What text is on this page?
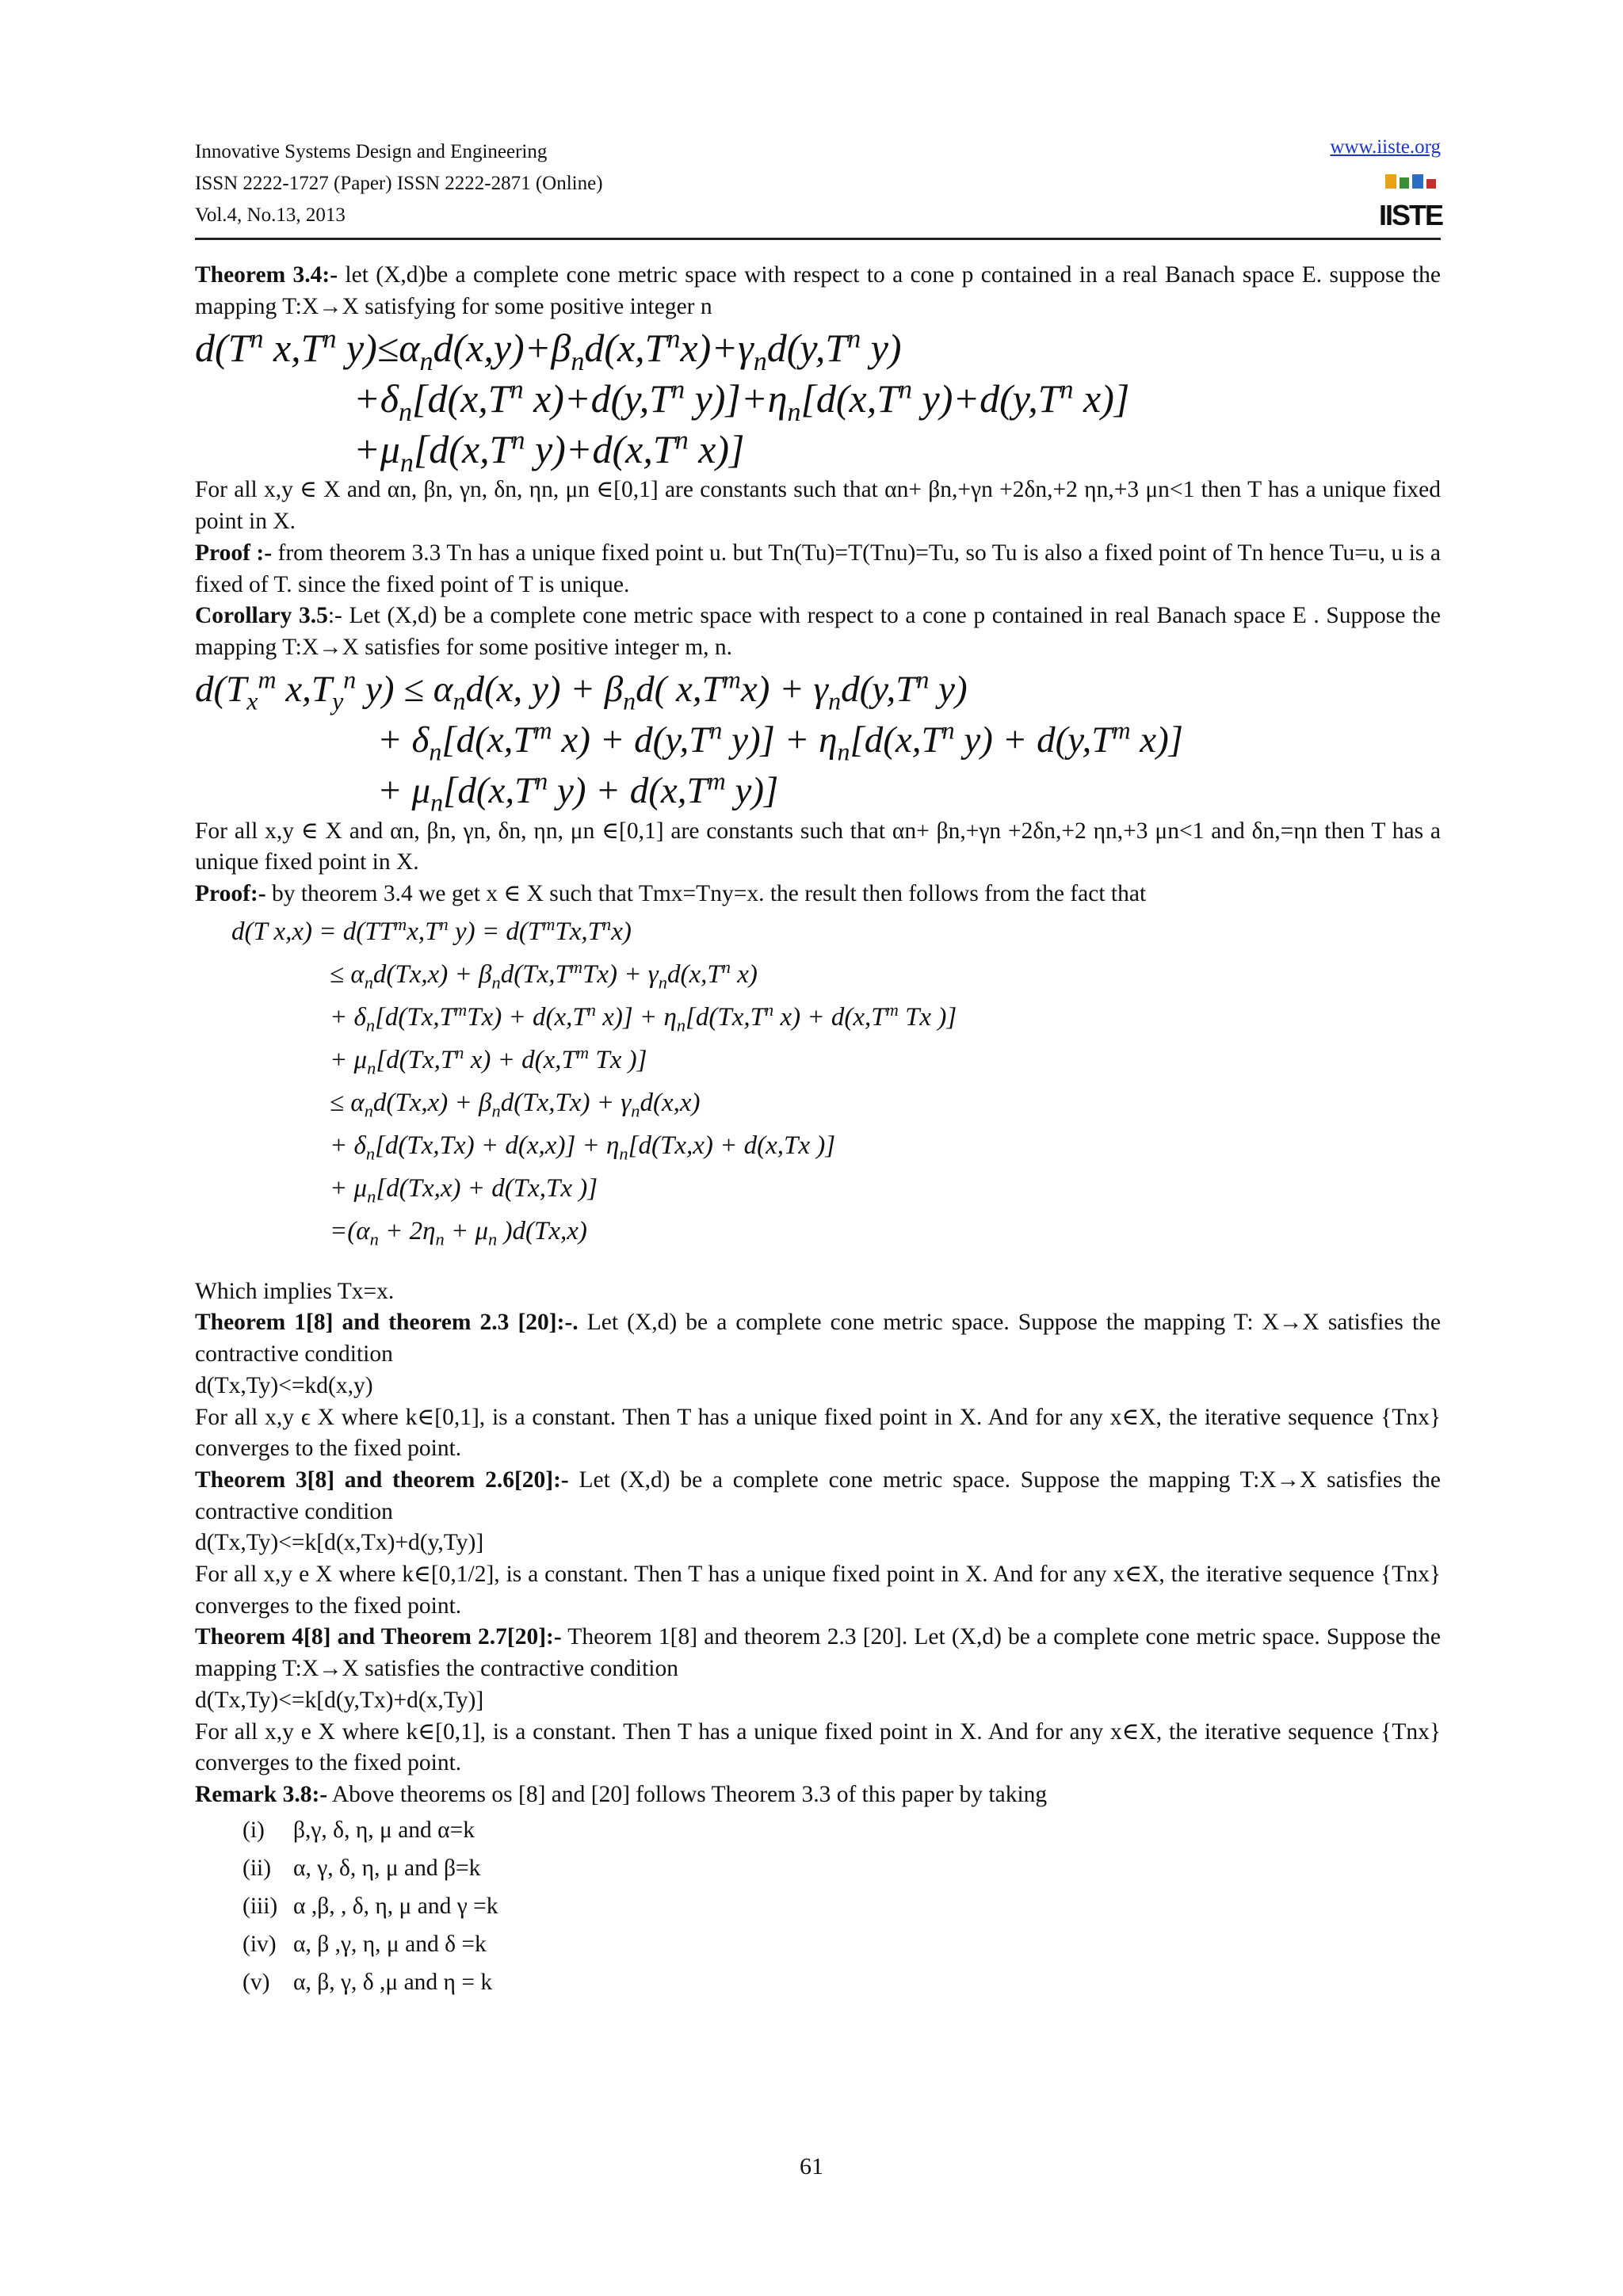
Innovative Systems Design and Engineering
ISSN 2222-1727 (Paper) ISSN 2222-2871 (Online)
Vol.4, No.13, 2013
www.iiste.org
IISTE

Theorem 3.4:- let (X,d)be a complete cone metric space with respect to a cone p contained in a real Banach space E. suppose the mapping T:X→X satisfying for some positive integer n

$d(T^n$ $x,T^n$ $y)\le\alpha_nd(x,y)+\beta_nd(x,T^nx)+\gamma_nd(y,T^n$ y)

$+\delta_n[d(x,T^n$ $x)+d(y,T^n$ $y)]+\eta_n[d(x,T^n$ $y)+d(y,T^n$ x)]

$+\mu_n[d(x,T^n$ $y)+d(x,T^n$ x)]

For all x,y ∈ X and αn, βn, γn, δn, ηn, μn ∈[0,1] are constants such that αn+ βn,+γn +2δn,+2 ηn,+3 μn<1 then T has a unique fixed point in X.

Proof :- from theorem 3.3 Tn has a unique fixed point u. but Tn(Tu)=T(Tnu)=Tu, so Tu is also a fixed point of Tn hence Tu=u, u is a fixed of T. since the fixed point of T is unique.

Corollary 3.5:- Let (X,d) be a complete cone metric space with respect to a cone p contained in real Banach space E . Suppose the mapping T:X→X satisfies for some positive integer m, n.

$d(T_x^m$ $x,T_y^n$ $y) \le \alpha_nd(x$, $y) + \beta_nd$( $x,T^mx) + \gamma_nd(y,T^n$ y)

+ $\delta_n[d(x,T^m$ $x) + d(y,T^n$ $y)] + \eta_n[d(x,T^n$ $y) + d(y,T^m$ x)]

+ $\mu_n[d(x,T^n$ $y) + d(x,T^m$ y)]

For all x,y ∈ X and αn, βn, γn, δn, ηn, μn ∈[0,1] are constants such that αn+ βn,+γn +2δn,+2 ηn,+3 μn<1 and δn,=ηn then T has a unique fixed point in X.

Proof:- by theorem 3.4 we get x ∈ X such that Tmx=Tny=x. the result then follows from the fact that

d(T $x,x) = d(TT^mx,T^n$ $y) = d(T^mTx,T^nx)$

≤ $\alpha_nd(Tx,x) + \beta_nd(Tx,T^mTx) + \gamma_nd(x,T^n$ x)

+ $\delta_n[d(Tx,T^mTx) + d(x,T^n$ $x)] + \eta_n[d(Tx,T^n$ $x) + d(x,T^m$ Tx )]

+ $\mu_n[d(Tx,T^n$ $x) + d(x,T^m$ Tx )]

≤ $\alpha_nd(Tx,x) + \beta_nd(Tx,Tx) + \gamma_nd(x,x)$

+ $\delta_n[d(Tx,Tx) + d(x,x)] + \eta_n[d(Tx,x) + d(x,Tx$ )]

+ $\mu_n[d(Tx,x) + d(Tx,Tx$ )]

$=(\alpha_n + 2\eta_n + \mu_n$ )d(Tx,x)

Which implies Tx=x.

Theorem 1[8] and theorem 2.3 [20]:-. Let (X,d) be a complete cone metric space. Suppose the mapping T: X→X satisfies the contractive condition

d(Tx,Ty)<=kd(x,y)

For all x,y ϵ X where k∈[0,1], is a constant. Then T has a unique fixed point in X. And for any x∈X, the iterative sequence {Tnx} converges to the fixed point.

Theorem 3[8] and theorem 2.6[20]:- Let (X,d) be a complete cone metric space. Suppose the mapping T:X→X satisfies the contractive condition

d(Tx,Ty)<=k[d(x,Tx)+d(y,Ty)]

For all x,y e X where k∈[0,1/2], is a constant. Then T has a unique fixed point in X. And for any x∈X, the iterative sequence {Tnx} converges to the fixed point.

Theorem 4[8] and Theorem 2.7[20]:- Theorem 1[8] and theorem 2.3 [20]. Let (X,d) be a complete cone metric space. Suppose the mapping T:X→X satisfies the contractive condition

d(Tx,Ty)<=k[d(y,Tx)+d(x,Ty)]

For all x,y e X where k∈[0,1], is a constant. Then T has a unique fixed point in X. And for any x∈X, the iterative sequence {Tnx} converges to the fixed point.

Remark 3.8:- Above theorems os [8] and [20] follows Theorem 3.3 of this paper by taking

(i) β,γ, δ, η, μ and α=k
(ii) α, γ, δ, η, μ and β=k
(iii) α ,β, , δ, η, μ and γ =k
(iv) α, β ,γ, η, μ and δ =k
(v) α, β, γ, δ ,μ and η = k
61
